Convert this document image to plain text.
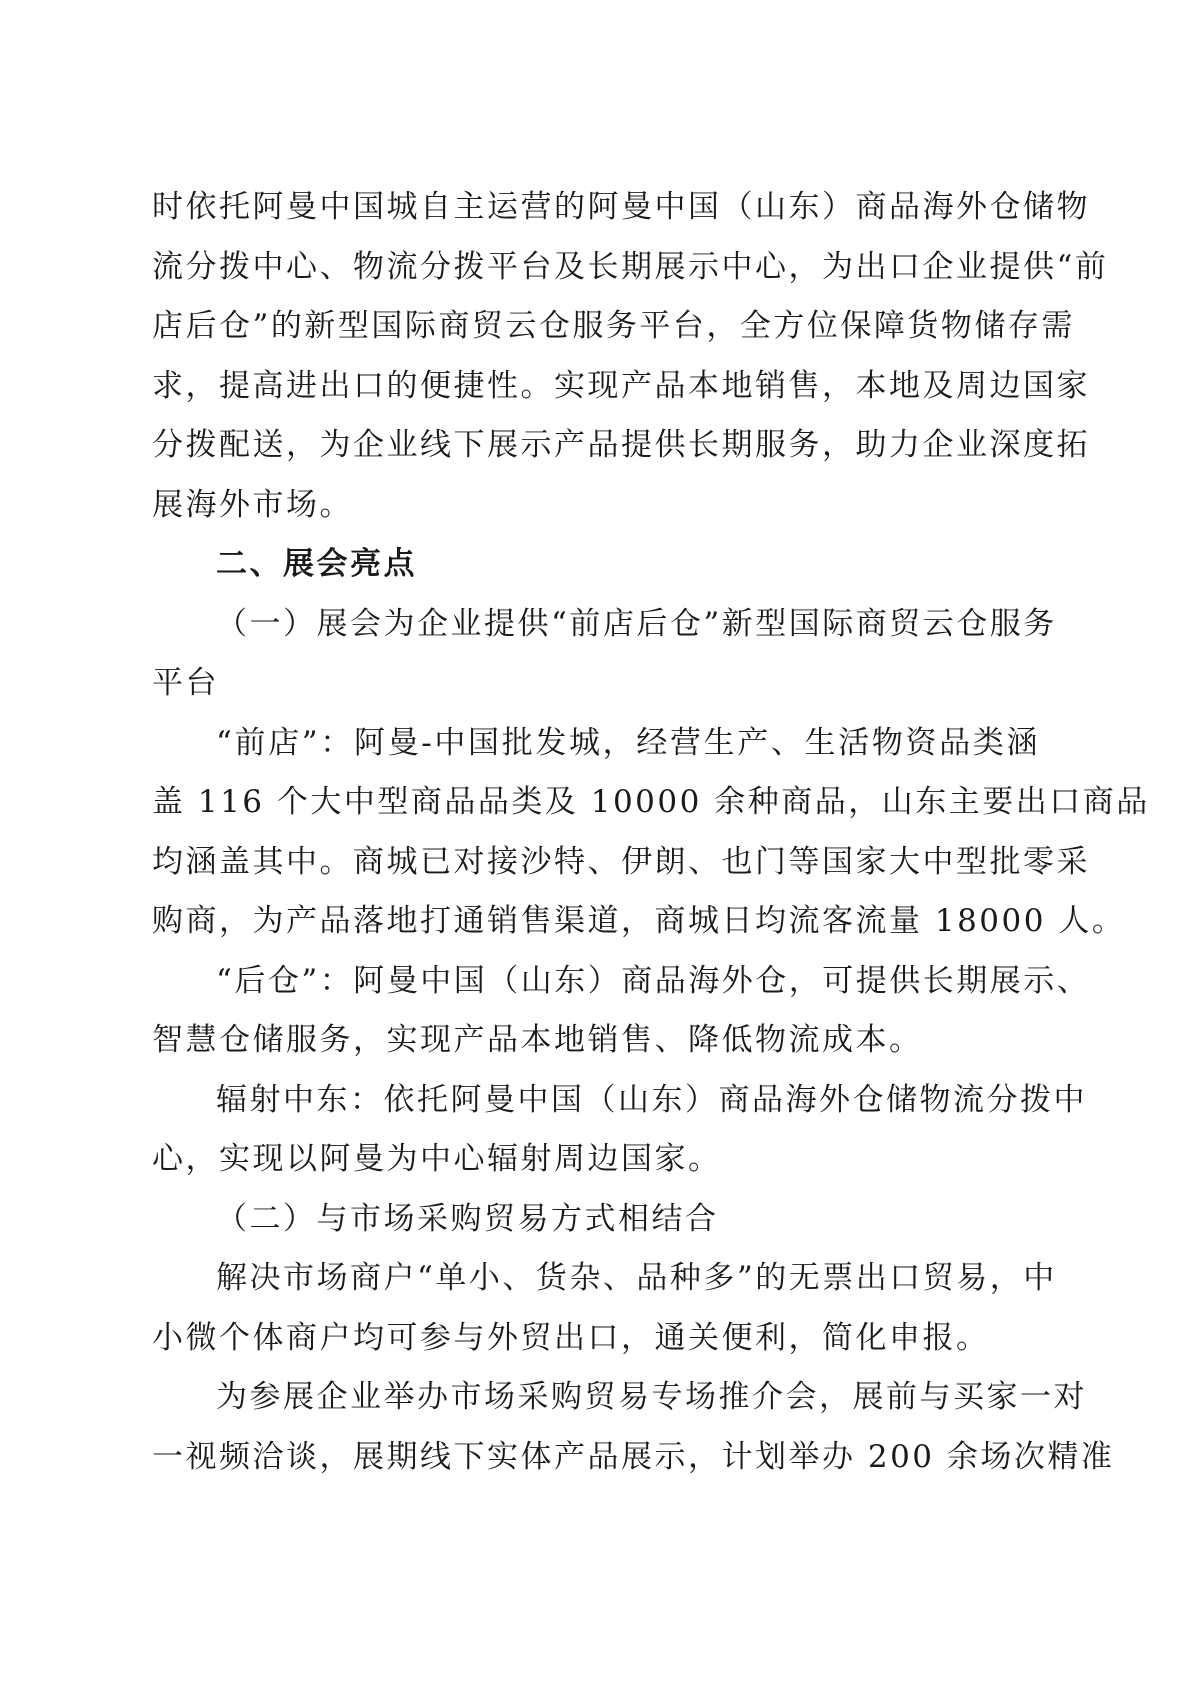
时依托阿曼中国城自主运营的阿曼中国（山东）商品海外仓储物
流分拨中心、物流分拨平台及长期展示中心，为出口企业提供“前
店后仓”的新型国际商贸云仓服务平台，全方位保障货物储存需
求，提高进出口的便捷性。实现产品本地销售，本地及周边国家
分拨配送，为企业线下展示产品提供长期服务，助力企业深度拓
展海外市场。
二、展会亮点
（一）展会为企业提供“前店后仓”新型国际商贸云仓服务
平台
“前店”：阿曼-中国批发城，经营生产、生活物资品类涵
盖 116 个大中型商品品类及 10000 余种商品，山东主要出口商品
均涵盖其中。商城已对接沙特、伊朗、也门等国家大中型批零采
购商，为产品落地打通销售渠道，商城日均流客流量 18000 人。
“后仓”：阿曼中国（山东）商品海外仓，可提供长期展示、
智慧仓储服务，实现产品本地销售、降低物流成本。
辐射中东：依托阿曼中国（山东）商品海外仓储物流分拨中
心，实现以阿曼为中心辐射周边国家。
（二）与市场采购贸易方式相结合
解决市场商户“单小、货杂、品种多”的无票出口贸易，中
小微个体商户均可参与外贸出口，通关便利，简化申报。
为参展企业举办市场采购贸易专场推介会，展前与买家一对
一视频洽谈，展期线下实体产品展示，计划举办 200 余场次精准
